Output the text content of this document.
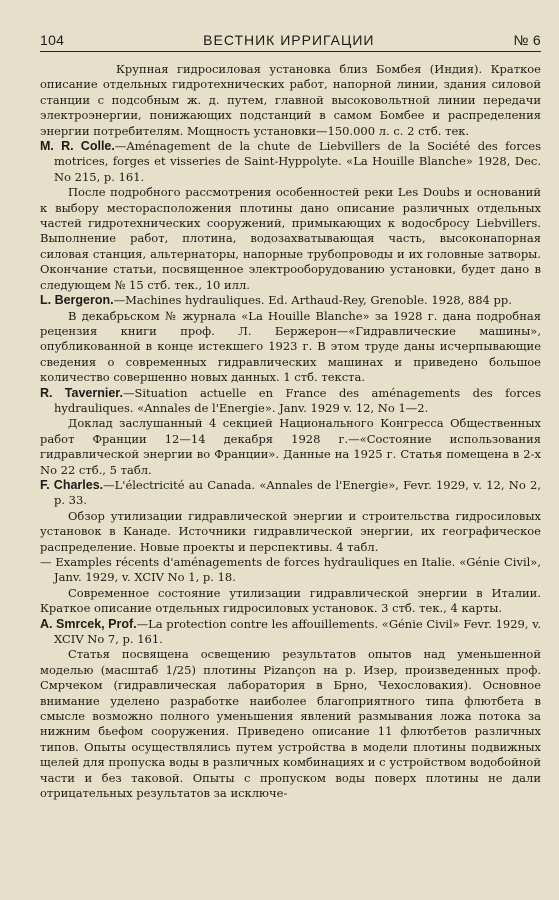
104	ВЕСТНИК ИРРИГАЦИИ	№ 6

Крупная гидросиловая установка близ Бомбея (Индия). Краткое описание отдельных гидротехнических работ, напорной линии, здания силовой станции с подсобным ж. д. путем, главной высоковольтной линии передачи электроэнергии, понижающих подстанций в самом Бомбее и распределения энергии потребителям. Мощность установки—150.000 л. с. 2 стб. тек.

M. R. Colle.—Aménagement de la chute de Liebvillers de la Société des forces motrices, forges et visseries de Saint-Hyppolyte. «La Houille Blanche» 1928, Dec. No 215, p. 161.

После подробного рассмотрения особенностей реки Les Doubs и оснований к выбору месторасположения плотины дано описание различных отдельных частей гидротехнических сооружений, примыкающих к водосбросу Liebvillers. Выполнение работ, плотина, водозахватывающая часть, высоконапорная силовая станция, альтернаторы, напорные трубопроводы и их головные затворы. Окончание статьи, посвященное электрооборудованию установки, будет дано в следующем № 15 стб. тек., 10 илл.

L. Bergeron.—Machines hydrauliques. Ed. Arthaud-Rey, Grenoble. 1928, 884 pp.

В декабрьском № журнала «La Houille Blanche» за 1928 г. дана подробная рецензия книги проф. Л. Бержерон—«Гидравлические машины», опубликованной в конце истекшего 1923 г. В этом труде даны исчерпывающие сведения о современных гидравлических машинах и приведено большое количество совершенно новых данных. 1 стб. текста.

R. Tavernier.—Situation actuelle en France des aménagements des forces hydrauliques. «Annales de l'Energie». Janv. 1929 v. 12, No 1—2.

Доклад заслушанный 4 секцией Национального Конгресса Общественных работ Франции 12—14 декабря 1928 г.—«Состояние использования гидравлической энергии во Франции». Данные на 1925 г. Статья помещена в 2-х No 22 стб., 5 табл.

F. Charles.—L'électricité au Canada. «Annales de l'Energie», Fevr. 1929, v. 12, No 2, p. 33.

Обзор утилизации гидравлической энергии и строительства гидросиловых установок в Канаде. Источники гидравлической энергии, их географическое распределение. Новые проекты и перспективы. 4 табл.

— Examples récents d'aménagements de forces hydrauliques en Italie. «Génie Civil», Janv. 1929, v. XCIV No 1, p. 18.

Современное состояние утилизации гидравлической энергии в Италии. Краткое описание отдельных гидросиловых установок. 3 стб. тек., 4 карты.

A. Smrcek, Prof.—La protection contre les affouillements. «Génie Civil» Fevr. 1929, v. XCIV No 7, p. 161.

Статья посвящена освещению результатов опытов над уменьшенной моделью (масштаб 1/25) плотины Pizançon на р. Изер, произведенных проф. Смрчеком (гидравлическая лаборатория в Брно, Чехословакия). Основное внимание уделено разработке наиболее благоприятного типа флютбета в смысле возможно полного уменьшения явлений размывания ложа потока за нижним бьефом сооружения. Приведено описание 11 флютбетов различных типов. Опыты осуществлялись путем устройства в модели плотины подвижных щелей для пропуска воды в различных комбинациях и с устройством водобойной части и без таковой. Опыты с пропуском воды поверх плотины не дали отрицательных результатов за исключе-
